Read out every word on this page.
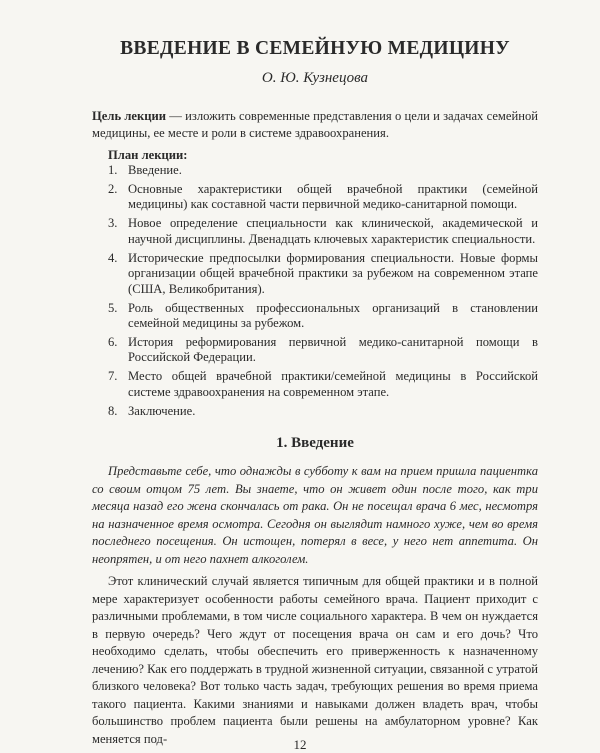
ВВЕДЕНИЕ В СЕМЕЙНУЮ МЕДИЦИНУ
О. Ю. Кузнецова
Цель лекции — изложить современные представления о цели и задачах семейной медицины, ее месте и роли в системе здравоохранения.
План лекции:
1. Введение.
2. Основные характеристики общей врачебной практики (семейной медицины) как составной части первичной медико-санитарной помощи.
3. Новое определение специальности как клинической, академической и научной дисциплины. Двенадцать ключевых характеристик специальности.
4. Исторические предпосылки формирования специальности. Новые формы организации общей врачебной практики за рубежом на современном этапе (США, Великобритания).
5. Роль общественных профессиональных организаций в становлении семейной медицины за рубежом.
6. История реформирования первичной медико-санитарной помощи в Российской Федерации.
7. Место общей врачебной практики/семейной медицины в Российской системе здравоохранения на современном этапе.
8. Заключение.
1. Введение

Представьте себе, что однажды в субботу к вам на прием пришла пациентка со своим отцом 75 лет. Вы знаете, что он живет один после того, как три месяца назад его жена скончалась от рака. Он не посещал врача 6 мес, несмотря на назначенное время осмотра. Сегодня он выглядит намного хуже, чем во время последнего посещения. Он истощен, потерял в весе, у него нет аппетита. Он неопрятен, и от него пахнет алкоголем.

Этот клинический случай является типичным для общей практики и в полной мере характеризует особенности работы семейного врача. Пациент приходит с различными проблемами, в том числе социального характера. В чем он нуждается в первую очередь? Чего ждут от посещения врача он сам и его дочь? Что необходимо сделать, чтобы обеспечить его приверженность к назначенному лечению? Как его поддержать в трудной жизненной ситуации, связанной с утратой близкого человека? Вот только часть задач, требующих решения во время приема такого пациента. Какими знаниями и навыками должен владеть врач, чтобы большинство проблем пациента были решены на амбулаторном уровне? Как меняется под-	12
